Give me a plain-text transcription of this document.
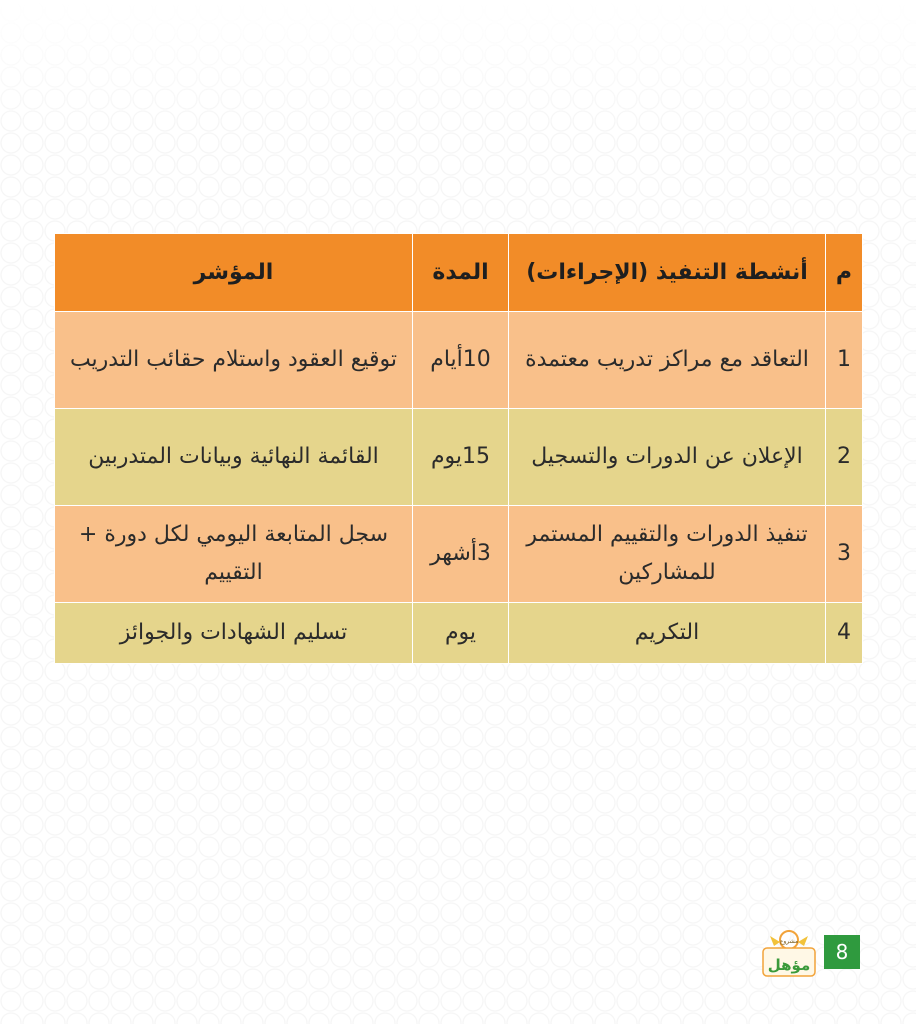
م	أنشطة التنفيذ (الإجراءات)	المدة	المؤشر
1	التعاقد مع مراكز تدريب معتمدة	10أيام	توقيع العقود واستلام حقائب التدريب
2	الإعلان عن الدورات والتسجيل	15يوم	القائمة النهائية وبيانات المتدربين
3	تنفيذ الدورات والتقييم المستمر للمشاركين	3أشهر	سجل المتابعة اليومي لكل دورة + التقييم
4	التكريم	يوم	تسليم الشهادات والجوائز
مشروع
مؤهل
8
